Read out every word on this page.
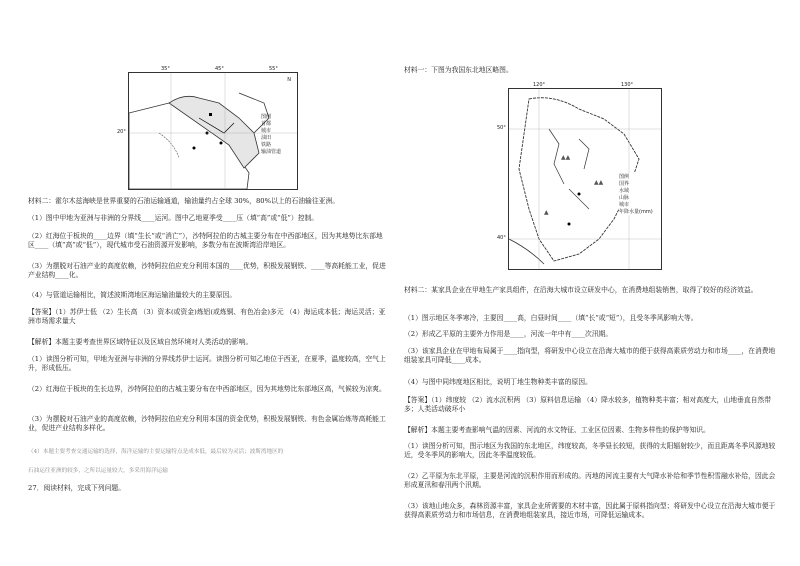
35°	45°	55°
20°
图例
首都
城市
油田
铁路
输油管道
N
材料二：霍尔木兹海峡是世界重要的石油运输通道，输油量约占全球 30%，80%以上的石油输往亚洲。
（1）图中甲地为亚洲与非洲的分界线____运河。图中乙地夏季受____压（填“高”或“低”）控制。
（2）红海位于板块的____边界（填“生长”或“消亡”），沙特阿拉伯的古城主要分布在中西部地区，因为其地势比东部地区____（填“高”或“低”），现代城市受石油资源开发影响，多数分布在波斯湾沿岸地区。
（3）为摆脱对石油产业的高度依赖，沙特阿拉伯应充分利用本国的____优势，积极发展钢铁、____等高耗能工业，促进产业结构____化。
（4）与管道运输相比，简述波斯湾地区海运输油量较大的主要原因。
【答案】（1）苏伊士低 （2）生长高 （3）资本(或资金)炼铝(或炼铜、有色冶金)多元 （4）海运成本低；海运灵活；亚洲市场需求量大
【解析】本题主要考查世界区域特征以及区域自然环境对人类活动的影响。
（1）读图分析可知，甲地为亚洲与非洲的分界线苏伊士运河。读图分析可知乙地位于西亚，在夏季，温度较高，空气上升，形成低压。
（2）红海位于板块的生长边界，沙特阿拉伯的古城主要分布在中西部地区，因为其地势比东部地区高，气候较为凉爽。
（3）为摆脱对石油产业的高度依赖，沙特阿拉伯应充分利用本国的资金优势，积极发展钢铁、有色金属冶炼等高耗能工业，促进产业结构多样化。
（4）本题主要考查交通运输的选择，海洋运输的主要运输特点是成本低，最后较为灵活；波斯湾地区的
石油运往亚洲的较多，之所以运量较大，多采用海洋运输
27．阅读材料，完成下列问题。
材料一：下图为我国东北地区略图。
▲▲
▲▲
▲
120°	130°
50°
40°
图例
国界
水域
山脉
城市
年降水量(mm)
材料二：某家具企业在甲地生产家具组件，在沿海大城市设立研发中心，在消费地组装销售，取得了较好的经济效益。
（1）图示地区冬季寒冷，主要因____高，白昼时间____（填“长”或“短”），且受冬季风影响大等。
（2）形成乙平原的主要外力作用是____，河流一年中有____次汛期。
（3）该家具企业在甲地布局属于____指向型，将研发中心设立在沿海大城市的便于获得高素质劳动力和市场____，在消费地组装家具可降低____成本。
（4）与图中同纬度地区相比，说明丁地生物种类丰富的原因。
【答案】（1）纬度较 （2）流水沉积两 （3）原料信息运输 （4）降水较多，植物种类丰富；相对高度大，山地垂直自然带多；人类活动破坏小
【解析】本题主要考查影响气温的因素、河流的水文特征、工业区位因素、生物多样性的保护等知识。
（1）读图分析可知，图示地区为我国的东北地区，纬度较高，冬季昼长较短，获得的太阳辐射较少，而且距离冬季风源地较近，受冬季风的影响大，因此冬季温度较低。
（2）乙平原为东北平原，主要是河流的沉积作用而形成的。丙地的河流主要有大气降水补给和季节性积雪融水补给，因此会形成夏汛和春汛两个汛期。
（3）该地山地众多，森林资源丰富，家具企业所需要的木材丰富，因此属于原料指向型；将研发中心设立在沿海大城市便于获得高素质劳动力和市场信息，在消费地组装家具，接近市场，可降低运输成本。
